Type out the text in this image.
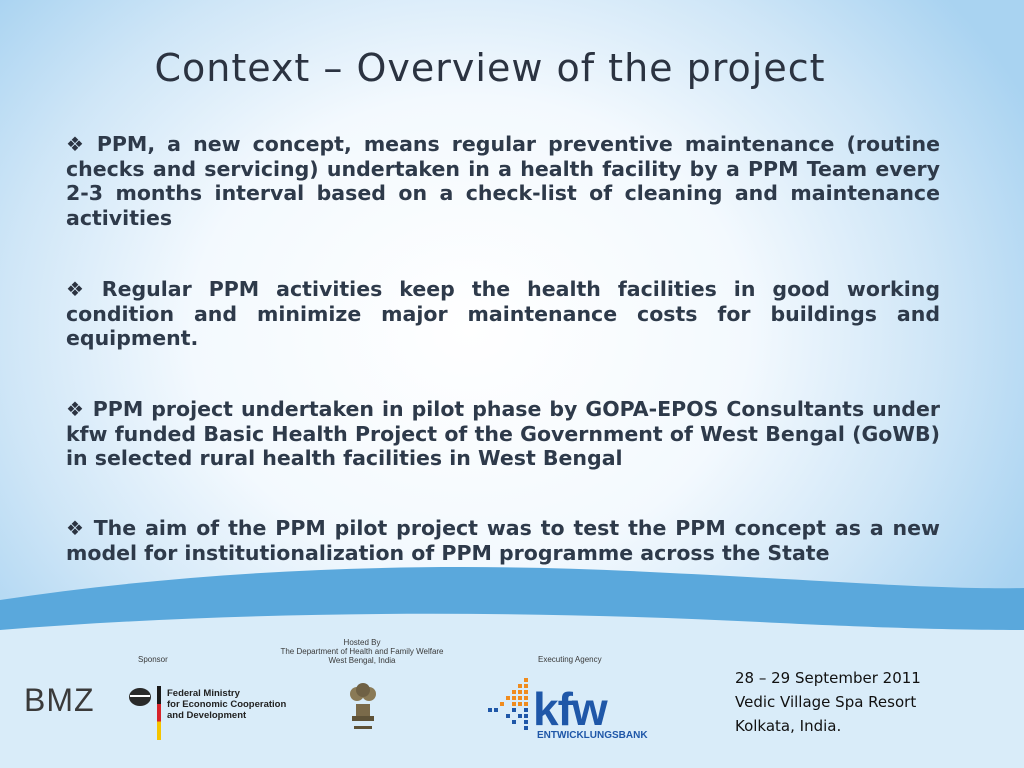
Context – Overview of the project

❖ PPM, a new concept, means regular preventive maintenance (routine checks and servicing) undertaken in a health facility by a PPM Team every 2-3 months interval based on a check-list of cleaning and maintenance activities

❖ Regular PPM activities keep the health facilities in good working condition and minimize major maintenance costs for buildings and equipment.

❖ PPM project undertaken in pilot phase by GOPA-EPOS Consultants under kfw funded Basic Health Project of the Government of West Bengal (GoWB) in selected rural health facilities in West Bengal

❖ The aim of the PPM pilot project was to test the PPM concept as a new model for institutionalization of PPM programme across the State

Sponsor
Hosted By
The Department of Health and Family Welfare
West Bengal, India	Executing Agency
BMZ	Federal Ministry
for Economic Cooperation
and Development	kfw
ENTWICKLUNGSBANK
28 – 29 September 2011
Vedic Village Spa Resort
Kolkata, India.
